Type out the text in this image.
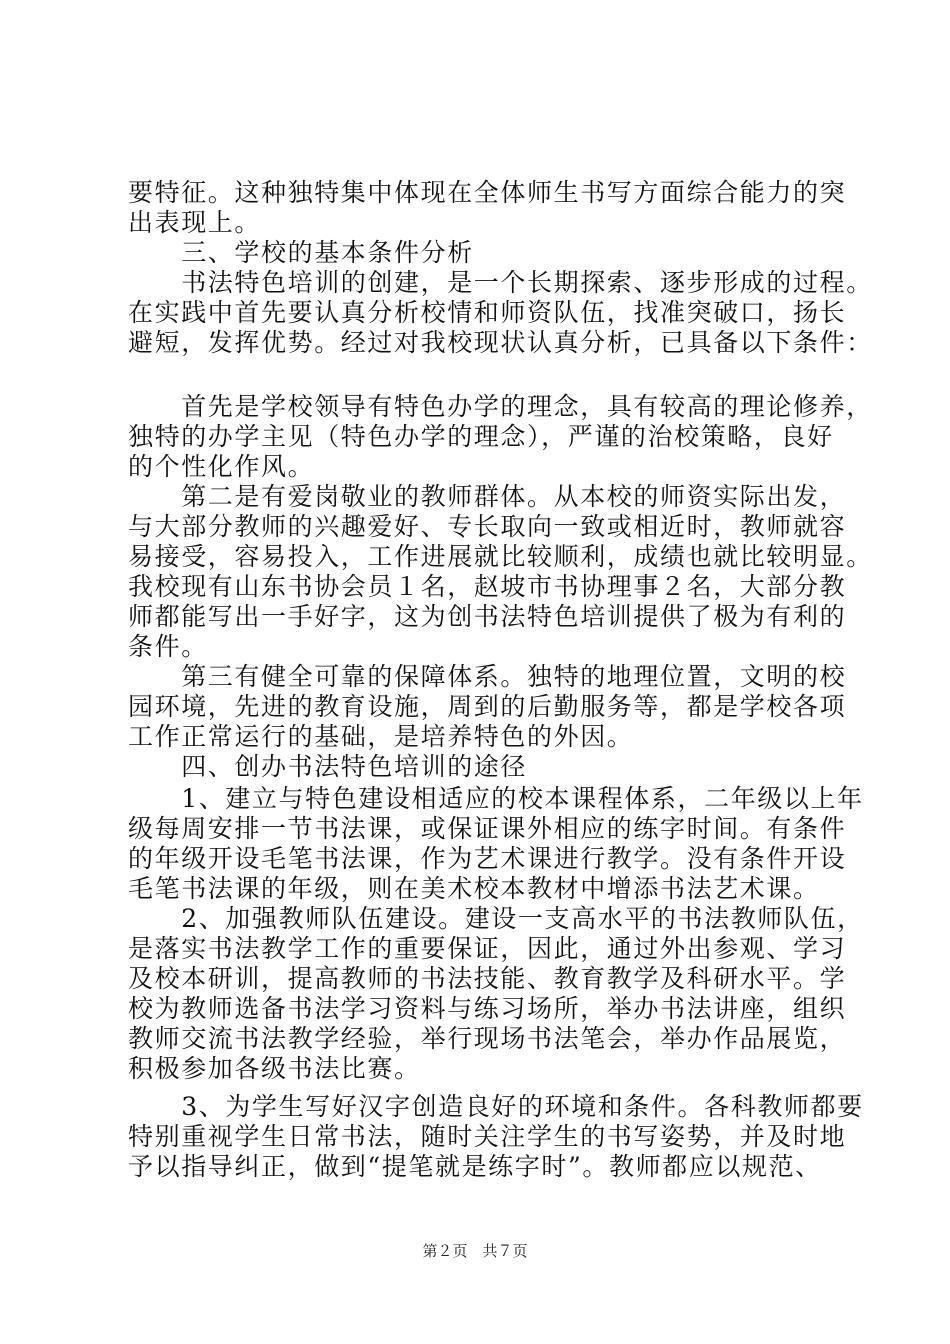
要特征。这种独特集中体现在全体师生书写方面综合能力的突
出表现上。
　　三、学校的基本条件分析
　　书法特色培训的创建，是一个长期探索、逐步形成的过程。
在实践中首先要认真分析校情和师资队伍，找准突破口，扬长
避短，发挥优势。经过对我校现状认真分析，已具备以下条件：
　　首先是学校领导有特色办学的理念，具有较高的理论修养，
独特的办学主见（特色办学的理念），严谨的治校策略，良好
的个性化作风。
　　第二是有爱岗敬业的教师群体。从本校的师资实际出发，
与大部分教师的兴趣爱好、专长取向一致或相近时，教师就容
易接受，容易投入，工作进展就比较顺利，成绩也就比较明显。
我校现有山东书协会员１名，赵坡市书协理事２名，大部分教
师都能写出一手好字，这为创书法特色培训提供了极为有利的
条件。
　　第三有健全可靠的保障体系。独特的地理位置，文明的校
园环境，先进的教育设施，周到的后勤服务等，都是学校各项
工作正常运行的基础，是培养特色的外因。
　　四、创办书法特色培训的途径
　　1、建立与特色建设相适应的校本课程体系，二年级以上年
级每周安排一节书法课，或保证课外相应的练字时间。有条件
的年级开设毛笔书法课，作为艺术课进行教学。没有条件开设
毛笔书法课的年级，则在美术校本教材中增添书法艺术课。
　　2、加强教师队伍建设。建设一支高水平的书法教师队伍，
是落实书法教学工作的重要保证，因此，通过外出参观、学习
及校本研训，提高教师的书法技能、教育教学及科研水平。学
校为教师选备书法学习资料与练习场所，举办书法讲座，组织
教师交流书法教学经验，举行现场书法笔会，举办作品展览，
积极参加各级书法比赛。
　　3、为学生写好汉字创造良好的环境和条件。各科教师都要
特别重视学生日常书法，随时关注学生的书写姿势，并及时地
予以指导纠正，做到“提笔就是练字时”。教师都应以规范、
第２页　共７页
